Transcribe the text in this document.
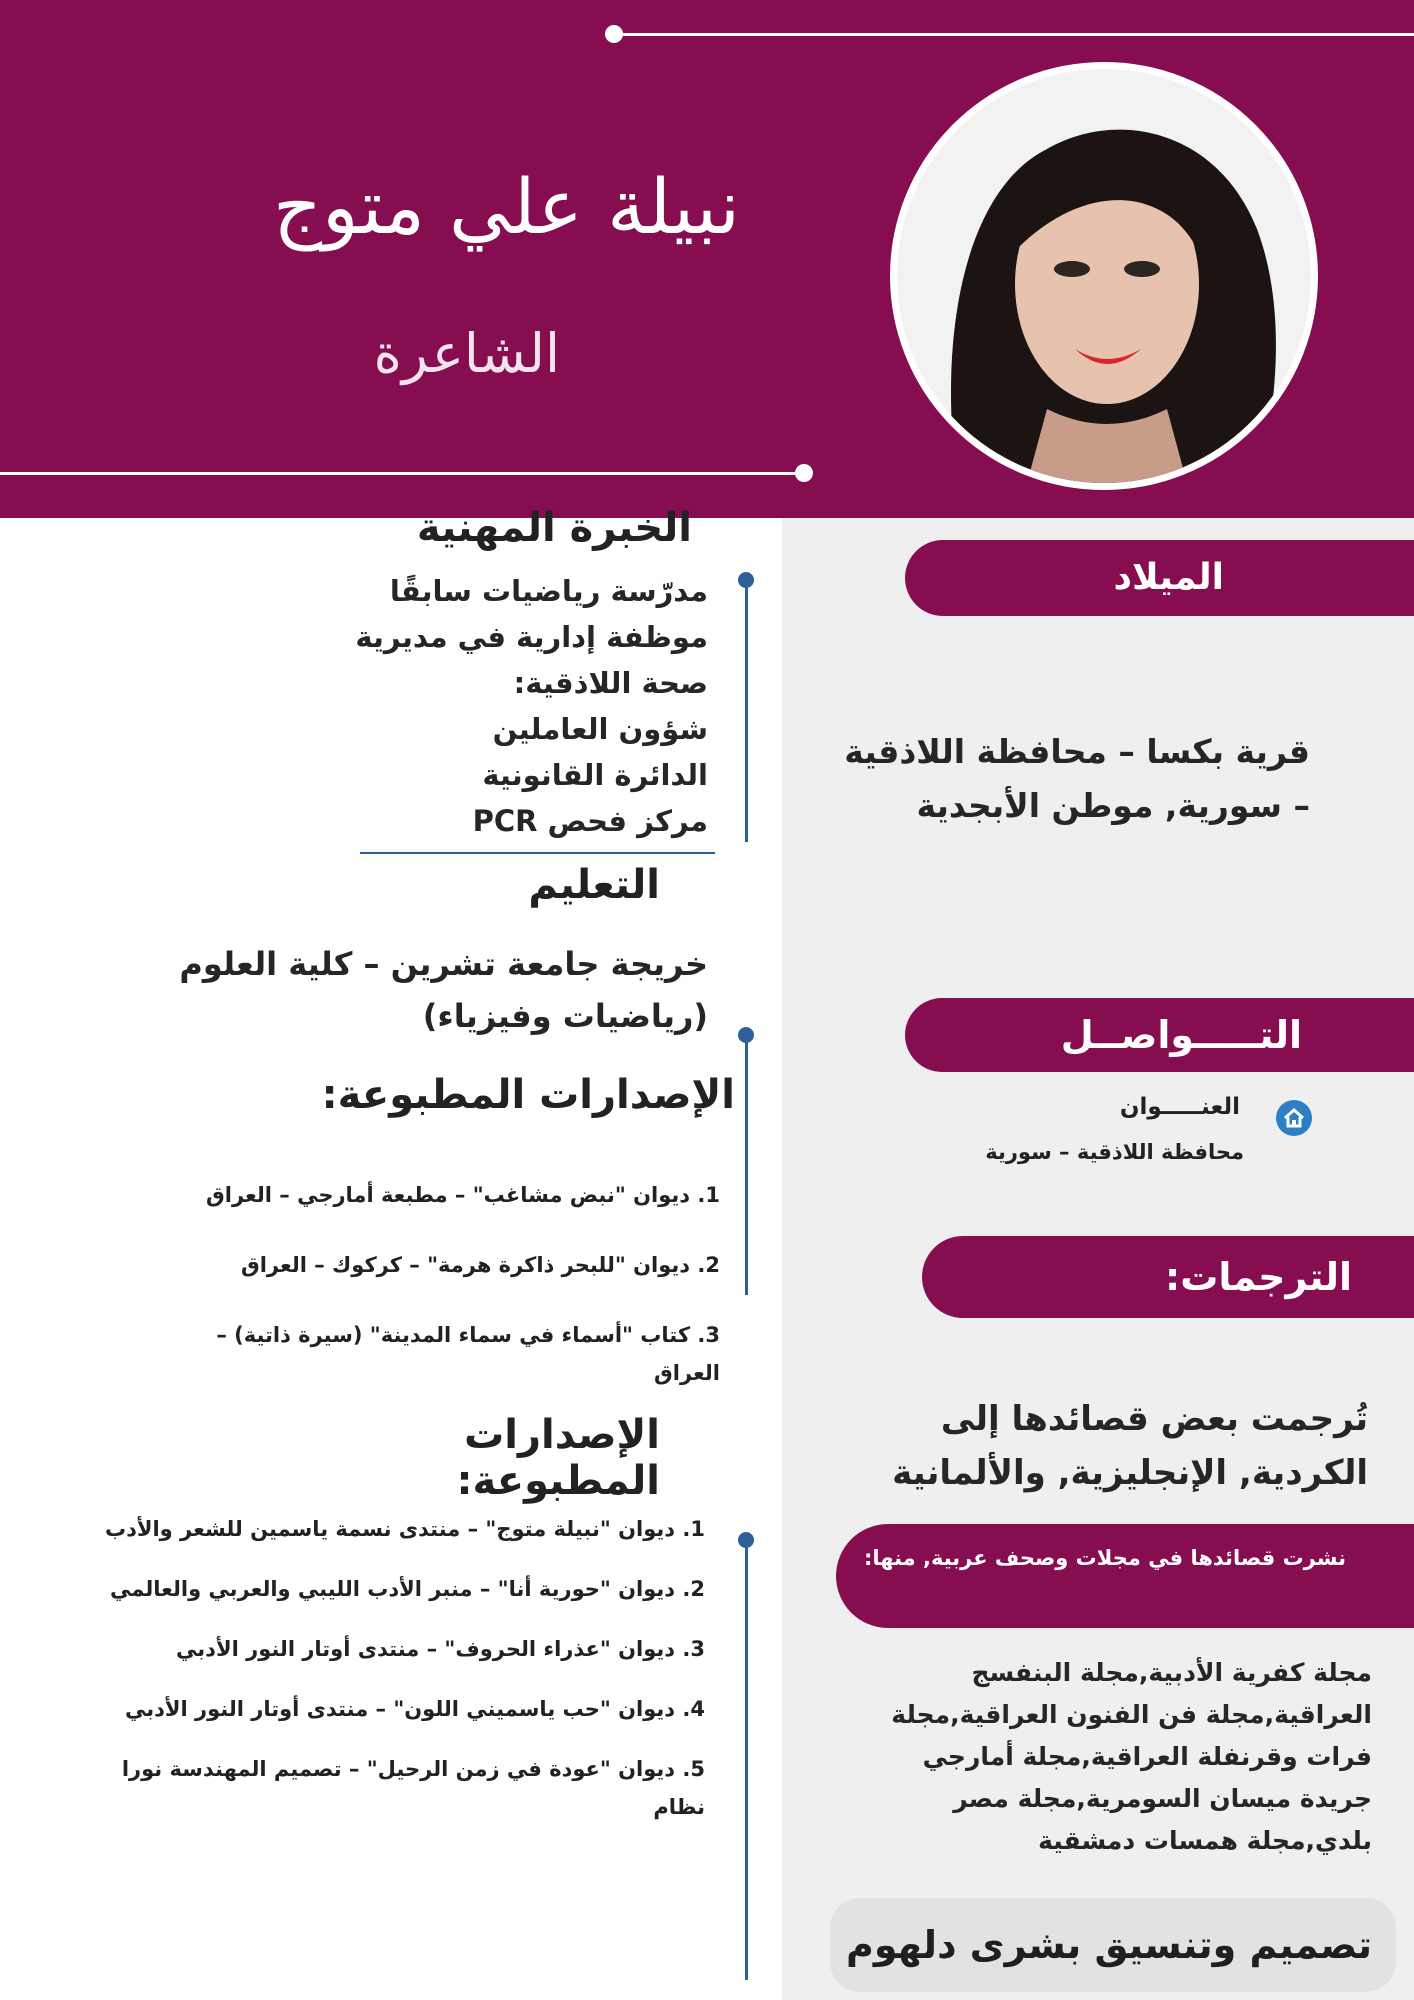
نبيلة علي متوج
الشاعرة
الخبرة المهنية
مدرّسة رياضيات سابقًا
موظفة إدارية في مديرية
صحة اللاذقية:
شؤون العاملين
الدائرة القانونية
مركز فحص PCR
التعليم
خريجة جامعة تشرين – كلية العلوم
(رياضيات وفيزياء)
الإصدارات المطبوعة:
1. ديوان "نبض مشاغب" – مطبعة أمارجي – العراق
2. ديوان "للبحر ذاكرة هرمة" – كركوك – العراق
3. كتاب "أسماء في سماء المدينة" (سيرة ذاتية) – العراق
الإصدارات المطبوعة:
1. ديوان "نبيلة متوج" – منتدى نسمة ياسمين للشعر والأدب
2. ديوان "حورية أنا" – منبر الأدب الليبي والعربي والعالمي
3. ديوان "عذراء الحروف" – منتدى أوتار النور الأدبي
4. ديوان "حب ياسميني اللون" – منتدى أوتار النور الأدبي
5. ديوان "عودة في زمن الرحيل" – تصميم المهندسة نورا نظام
الميلاد
قرية بكسا – محافظة اللاذقية
– سورية, موطن الأبجدية
التـــــواصــل
العنـــــوان
محافظة اللاذقية – سورية
الترجمات:
تُرجمت بعض قصائدها إلى
الكردية, الإنجليزية, والألمانية
نشرت قصائدها في مجلات وصحف عربية, منها:
مجلة كفرية الأدبية,مجلة البنفسج
العراقية,مجلة فن الفنون العراقية,مجلة
فرات وقرنفلة العراقية,مجلة أمارجي
جريدة ميسان السومرية,مجلة مصر
بلدي,مجلة همسات دمشقية
تصميم وتنسيق بشرى دلهوم
